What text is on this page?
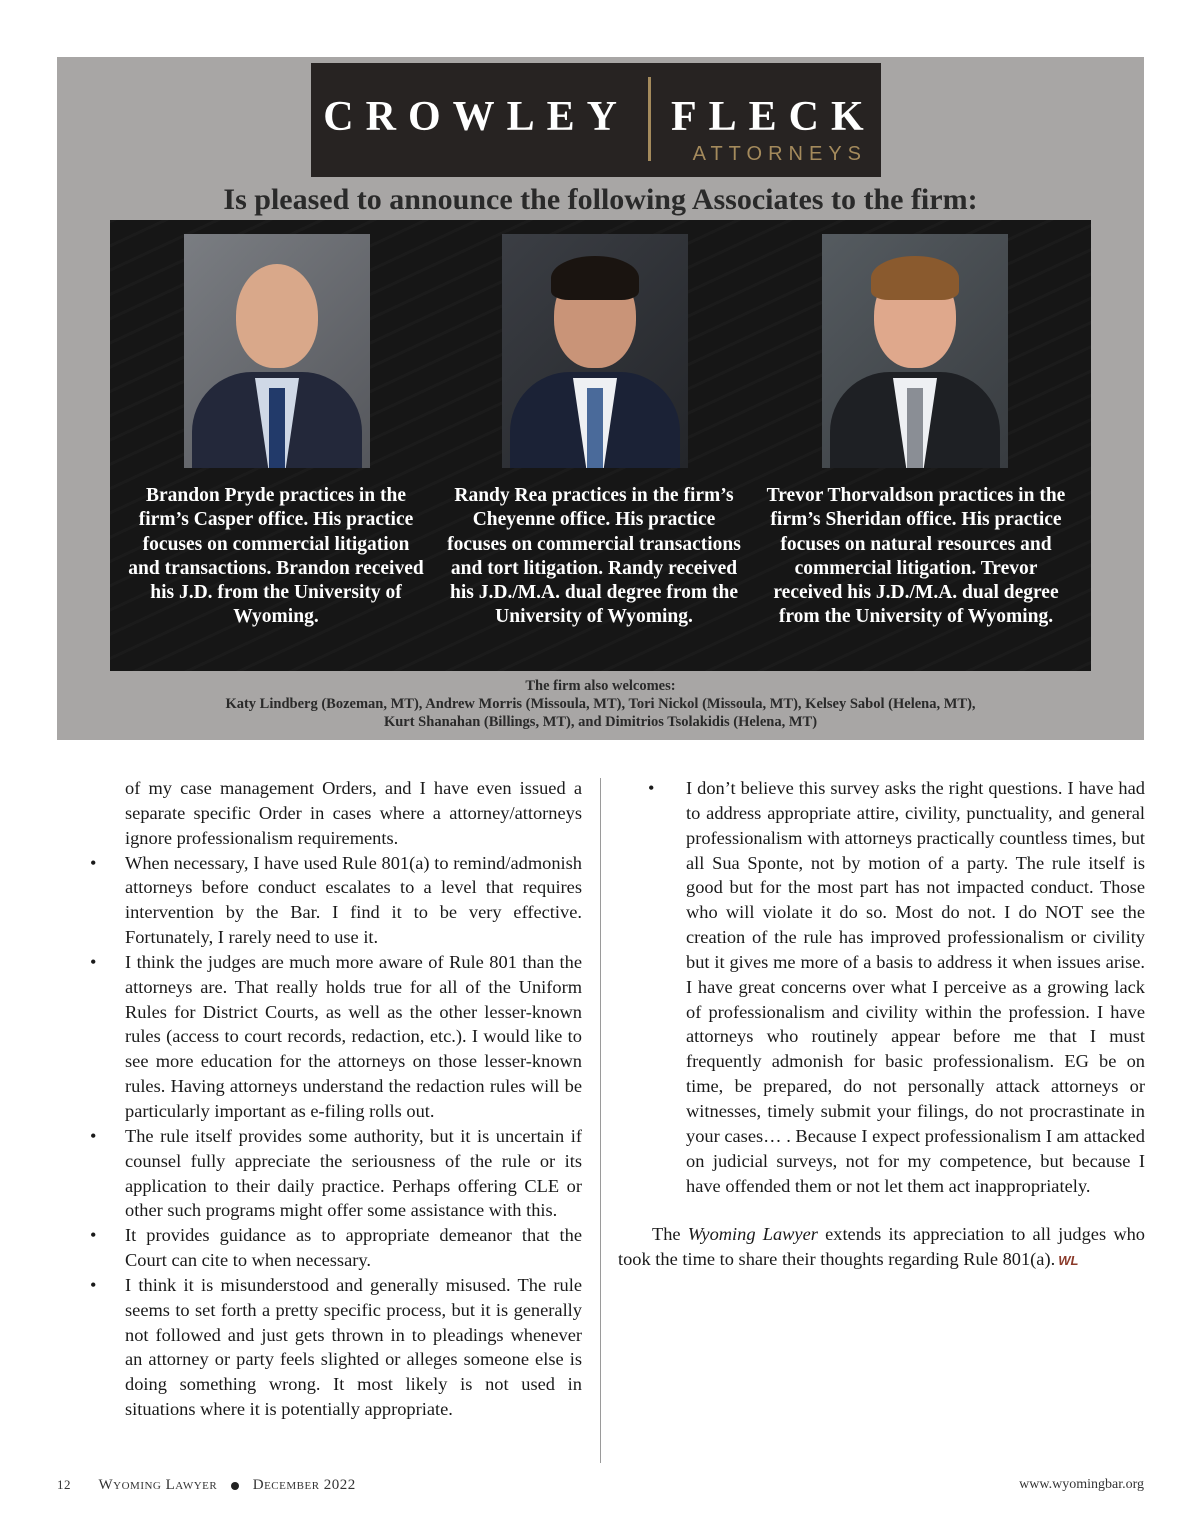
CROWLEY FLECK
ATTORNEYS
Is pleased to announce the following Associates to the firm:
Brandon Pryde practices in the firm’s Casper office. His practice focuses on commercial litigation and transactions. Brandon received his J.D. from the University of Wyoming.
Randy Rea practices in the firm’s Cheyenne office. His practice focuses on commercial transactions and tort litigation. Randy received his J.D./M.A. dual degree from the University of Wyoming.
Trevor Thorvaldson practices in the firm’s Sheridan office. His practice focuses on natural resources and commercial litigation. Trevor received his J.D./M.A. dual degree from the University of Wyoming.
The firm also welcomes:
Katy Lindberg (Bozeman, MT), Andrew Morris (Missoula, MT), Tori Nickol (Missoula, MT), Kelsey Sabol (Helena, MT),
Kurt Shanahan (Billings, MT), and Dimitrios Tsolakidis (Helena, MT)

of my case management Orders, and I have even issued a separate specific Order in cases where a attorney/attorneys ignore professionalism requirements.

•	When necessary, I have used Rule 801(a) to remind/admonish attorneys before conduct escalates to a level that requires intervention by the Bar. I find it to be very effective. Fortunately, I rarely need to use it.
•	I think the judges are much more aware of Rule 801 than the attorneys are. That really holds true for all of the Uniform Rules for District Courts, as well as the other lesser-known rules (access to court records, redaction, etc.). I would like to see more education for the attorneys on those lesser-known rules. Having attorneys understand the redaction rules will be particularly important as e-filing rolls out.
•	The rule itself provides some authority, but it is uncertain if counsel fully appreciate the seriousness of the rule or its application to their daily practice. Perhaps offering CLE or other such programs might offer some assistance with this.
•	It provides guidance as to appropriate demeanor that the Court can cite to when necessary.
•	I think it is misunderstood and generally misused. The rule seems to set forth a pretty specific process, but it is generally not followed and just gets thrown in to pleadings whenever an attorney or party feels slighted or alleges someone else is doing something wrong. It most likely is not used in situations where it is potentially appropriate.
•	I don’t believe this survey asks the right questions. I have had to address appropriate attire, civility, punctuality, and general professionalism with attorneys practically countless times, but all Sua Sponte, not by motion of a party. The rule itself is good but for the most part has not impacted conduct. Those who will violate it do so. Most do not. I do NOT see the creation of the rule has improved professionalism or civility but it gives me more of a basis to address it when issues arise. I have great concerns over what I perceive as a growing lack of professionalism and civility within the profession. I have attorneys who routinely appear before me that I must frequently admonish for basic professionalism. EG be on time, be prepared, do not personally attack attorneys or witnesses, timely submit your filings, do not procrastinate in your cases… . Because I expect professionalism I am attacked on judicial surveys, not for my competence, but because I have offended them or not let them act inappropriately.

The Wyoming Lawyer extends its appreciation to all judges who took the time to share their thoughts regarding Rule 801(a). WL

12 Wyoming Lawyer December 2022	www.wyomingbar.org
